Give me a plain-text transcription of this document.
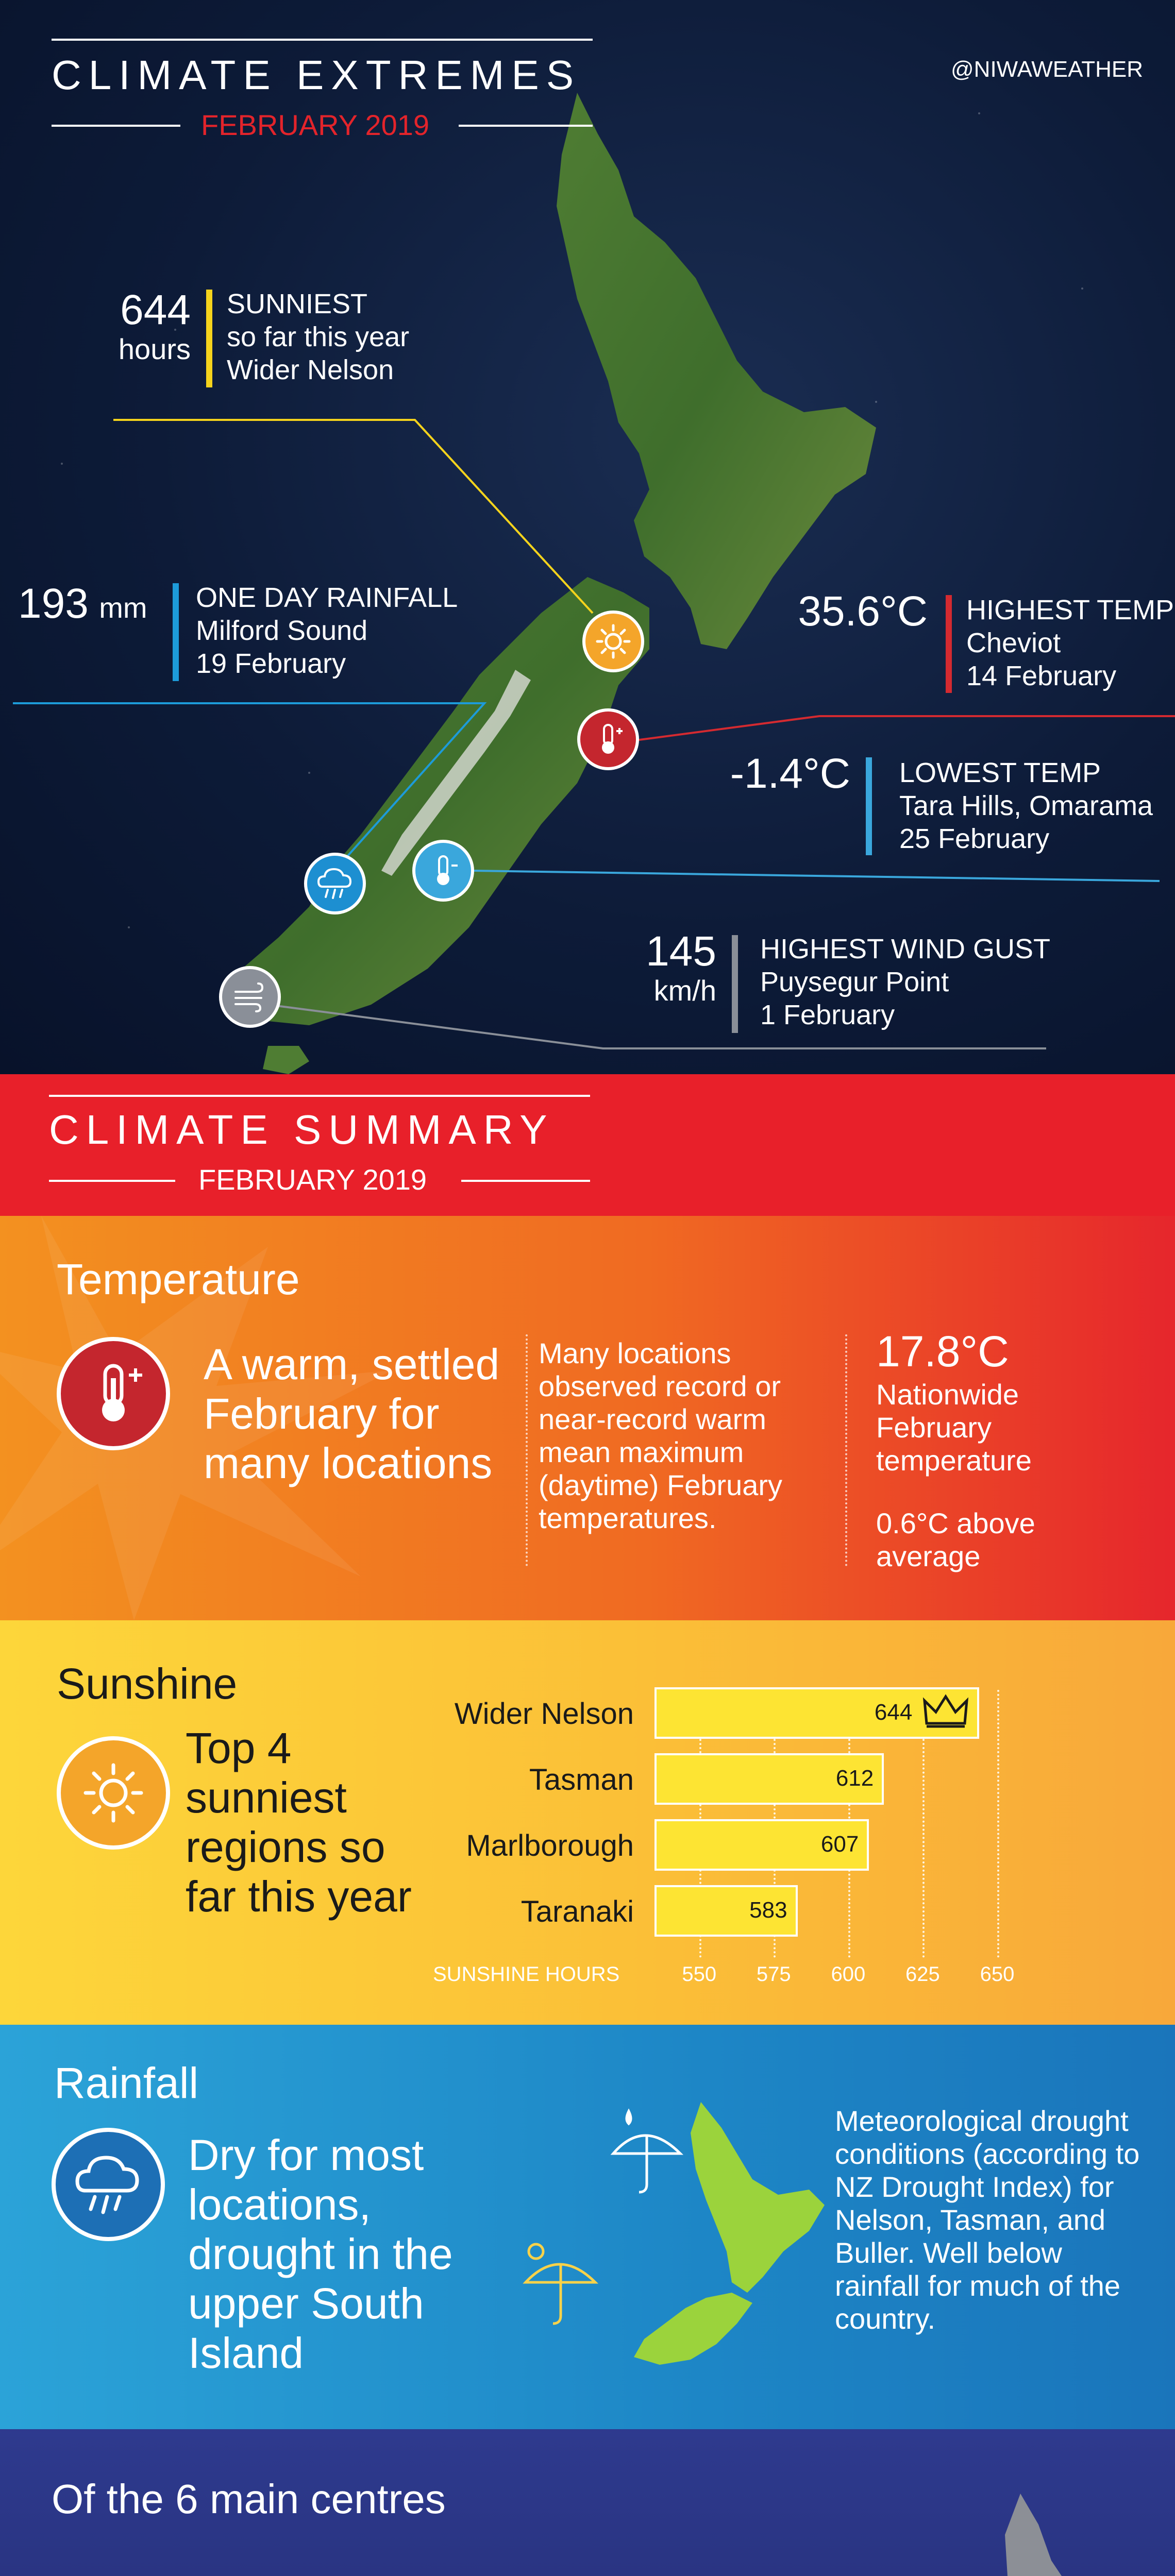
CLIMATE EXTREMES
FEBRUARY 2019
@NIWAWEATHER
644
hours
SUNNIEST
so far this year
Wider Nelson
193 mm ONE DAY RAINFALL
Milford Sound
19 February
35.6°C HIGHEST TEMP
Cheviot
14 February
-1.4°C LOWEST TEMP
Tara Hills, Omarama
25 February
145
km/h
HIGHEST WIND GUST
Puysegur Point
1 February
CLIMATE SUMMARY
FEBRUARY 2019
Temperature
A warm, settled February for many locations
Many locations observed record or near-record warm mean maximum (daytime) February temperatures.
17.8°C
Nationwide
February
temperature
0.6°C above
average
Sunshine
Top 4 sunniest regions so far this year
550 575 600 625 650
Wider Nelson	644
Tasman	612
Marlborough	607
Taranaki	583
SUNSHINE HOURS
Rainfall
Dry for most locations, drought in the upper South Island
Meteorological drought conditions (according to NZ Drought Index) for Nelson, Tasman, and Buller. Well below rainfall for much of the country.
Of the 6 main centres
